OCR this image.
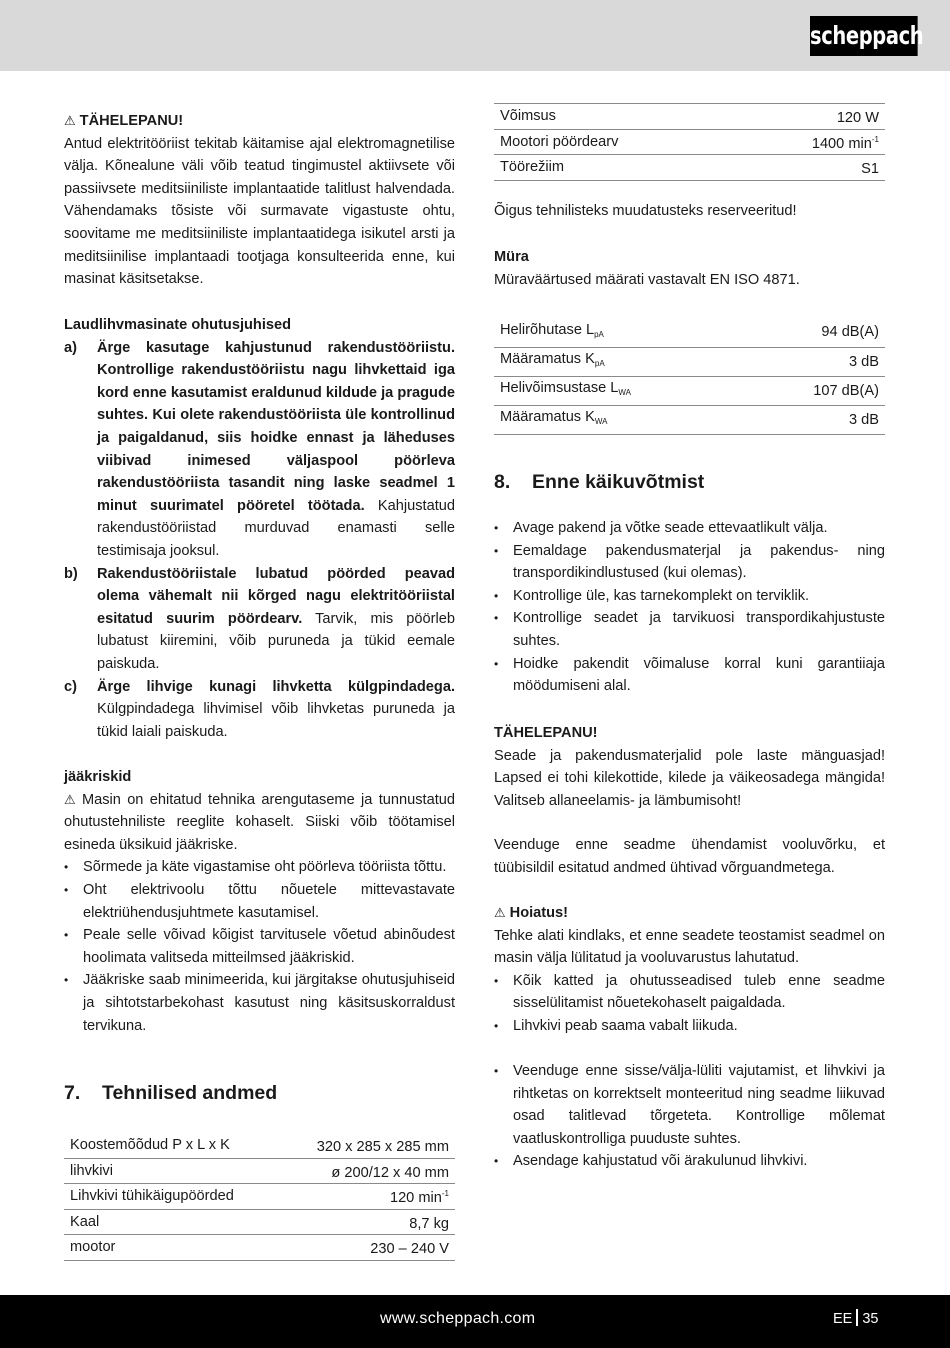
scheppach
⚠ TÄHELEPANU!

Antud elektritööriist tekitab käitamise ajal elektromagnetilise välja. Kõnealune väli võib teatud tingimustel aktiivsete või passiivsete meditsiiniliste implantaatide talitlust halvendada. Vähendamaks tõsiste või surmavate vigastuste ohtu, soovitame me meditsiiniliste implantaatidega isikutel arsti ja meditsiinilise implantaadi tootjaga konsulteerida enne, kui masinat käsitsetakse.

Laudlihvmasinate ohutusjuhised
a) Ärge kasutage kahjustunud rakendustööriistu. Kontrollige rakendustööriistu nagu lihvkettaid iga kord enne kasutamist eraldunud kildude ja pragude suhtes. Kui olete rakendustööriista üle kontrollinud ja paigaldanud, siis hoidke ennast ja läheduses viibivad inimesed väljaspool pöörleva rakendustööriista tasandit ning laske seadmel 1 minut suurimatel pööretel töötada. Kahjustatud rakendustööriistad murduvad enamasti selle testimisaja jooksul.
b) Rakendustööriistale lubatud pöörded peavad olema vähemalt nii kõrged nagu elektritööriistal esitatud suurim pöördearv. Tarvik, mis pöörleb lubatust kiiremini, võib puruneda ja tükid eemale paiskuda.
c) Ärge lihvige kunagi lihvketta külgpindadega. Külgpindadega lihvimisel võib lihvketas puruneda ja tükid laiali paiskuda.
jääkriskid

⚠ Masin on ehitatud tehnika arengutaseme ja tunnustatud ohutustehniliste reeglite kohaselt. Siiski võib töötamisel esineda üksikuid jääkriske.

• Sõrmede ja käte vigastamise oht pöörleva tööriista tõttu.
• Oht elektrivoolu tõttu nõuetele mittevastavate elektriühendusjuhtmete kasutamisel.
• Peale selle võivad kõigist tarvitusele võetud abinõudest hoolimata valitseda mitteilmsed jääkriskid.
• Jääkriske saab minimeerida, kui järgitakse ohutusjuhiseid ja sihtotstarbekohast kasutust ning käsitsuskorraldust tervikuna.
7. Tehnilised andmed
Koostemõõdud P x L x K	320 x 285 x 285 mm
lihvkivi	ø 200/12 x 40 mm
Lihvkivi tühikäigupöörded	120 $\min^{-1}$
Kaal	8,7 kg
mootor	230 – 240 V
Võimsus	120 W
Mootori pöördearv	1400 $\min^{-1}$
Töörežiim	S1

Õigus tehnilisteks muudatusteks reserveeritud!

Müra

Müraväärtused määrati vastavalt EN ISO 4871.

Helirõhutase $L_{pA}$	94 dB(A)
Määramatus $K_{pA}$	3 dB
Helivõimsustase $L_{WA}$	107 dB(A)
Määramatus $K_{WA}$	3 dB
8. Enne käikuvõtmist
• Avage pakend ja võtke seade ettevaatlikult välja.
• Eemaldage pakendusmaterjal ja pakendus- ning transpordikindlustused (kui olemas).
• Kontrollige üle, kas tarnekomplekt on terviklik.
• Kontrollige seadet ja tarvikuosi transpordikahjustuste suhtes.
• Hoidke pakendit võimaluse korral kuni garantiiaja möödumiseni alal.
TÄHELEPANU!

Seade ja pakendusmaterjalid pole laste mänguasjad! Lapsed ei tohi kilekottide, kilede ja väikeosadega mängida! Valitseb allaneelamis- ja lämbumisoht!

Veenduge enne seadme ühendamist vooluvõrku, et tüübisildil esitatud andmed ühtivad võrguandmetega.

⚠ Hoiatus!

Tehke alati kindlaks, et enne seadete teostamist seadmel on masin välja lülitatud ja vooluvarustus lahutatud.

• Kõik katted ja ohutusseadised tuleb enne seadme sisselülitamist nõuetekohaselt paigaldada.
• Lihvkivi peab saama vabalt liikuda.
• Veenduge enne sisse/välja-lüliti vajutamist, et lihvkivi ja rihtketas on korrektselt monteeritud ning seadme liikuvad osad talitlevad tõrgeteta. Kontrollige mõlemat vaatluskontrolliga puuduste suhtes.
• Asendage kahjustatud või ärakulunud lihvkivi.
www.scheppach.com	EE 35
